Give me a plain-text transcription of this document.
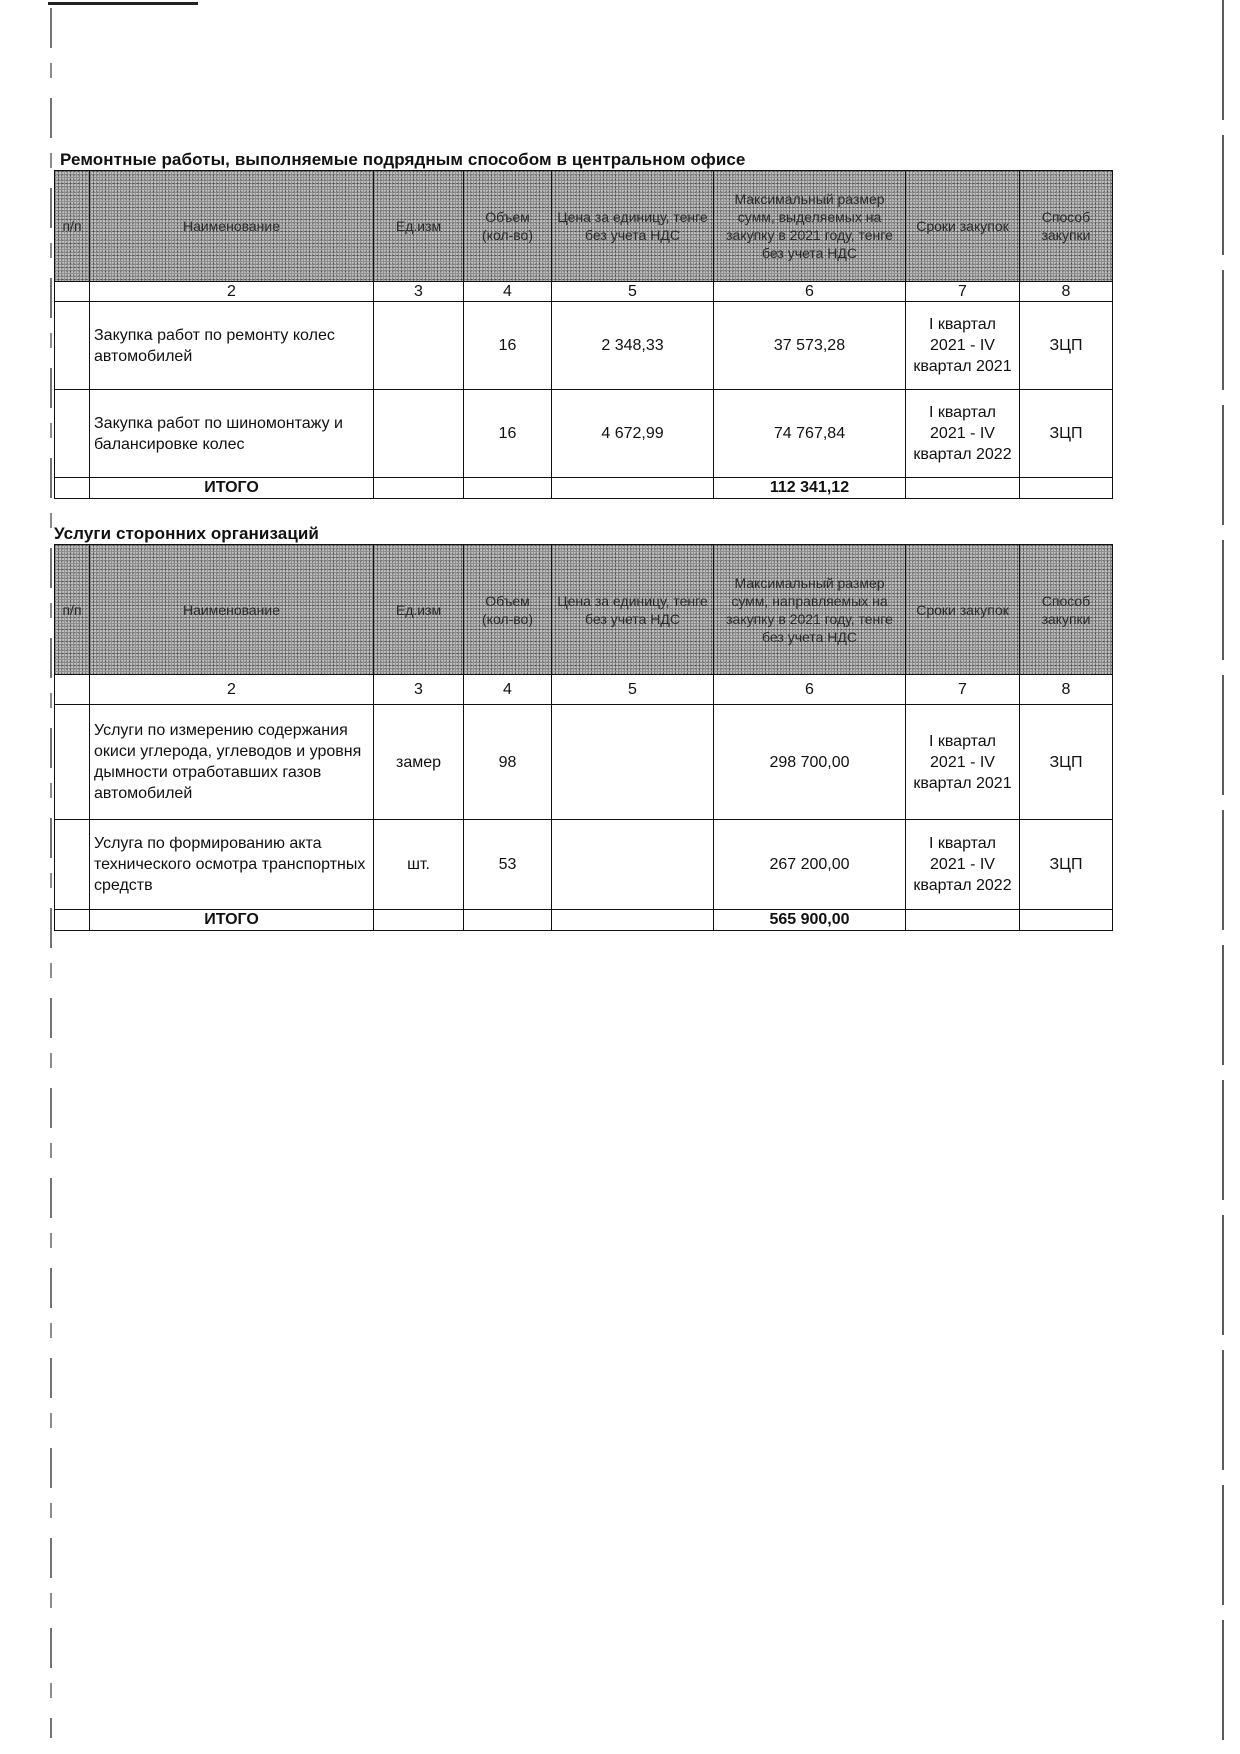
Ремонтные работы, выполняемые подрядным способом в центральном офисе
п/п	Наименование	Ед.изм	Объем (кол-во)	Цена за единицу, тенге без учета НДС	Максимальный размер сумм, выделяемых на закупку в 2021 году, тенге без учета НДС	Сроки закупок	Способ закупки
	2	3	4	5	6	7	8
	Закупка работ по ремонту колес автомобилей		16	2 348,33	37 573,28	I квартал 2021 - IV квартал 2021	ЗЦП
	Закупка работ по шиномонтажу и балансировке колес		16	4 672,99	74 767,84	I квартал 2021 - IV квартал 2022	ЗЦП
	ИТОГО				112 341,12		
Услуги сторонних организаций
п/п	Наименование	Ед.изм	Объем (кол-во)	Цена за единицу, тенге без учета НДС	Максимальный размер сумм, направляемых на закупку в 2021 году, тенге без учета НДС	Сроки закупок	Способ закупки
	2	3	4	5	6	7	8
	Услуги по измерению содержания окиси углерода, углеводов и уровня дымности отработавших газов автомобилей	замер	98		298 700,00	I квартал 2021 - IV квартал 2021	ЗЦП
	Услуга по формированию акта технического осмотра транспортных средств	шт.	53		267 200,00	I квартал 2021 - IV квартал 2022	ЗЦП
	ИТОГО				565 900,00		
